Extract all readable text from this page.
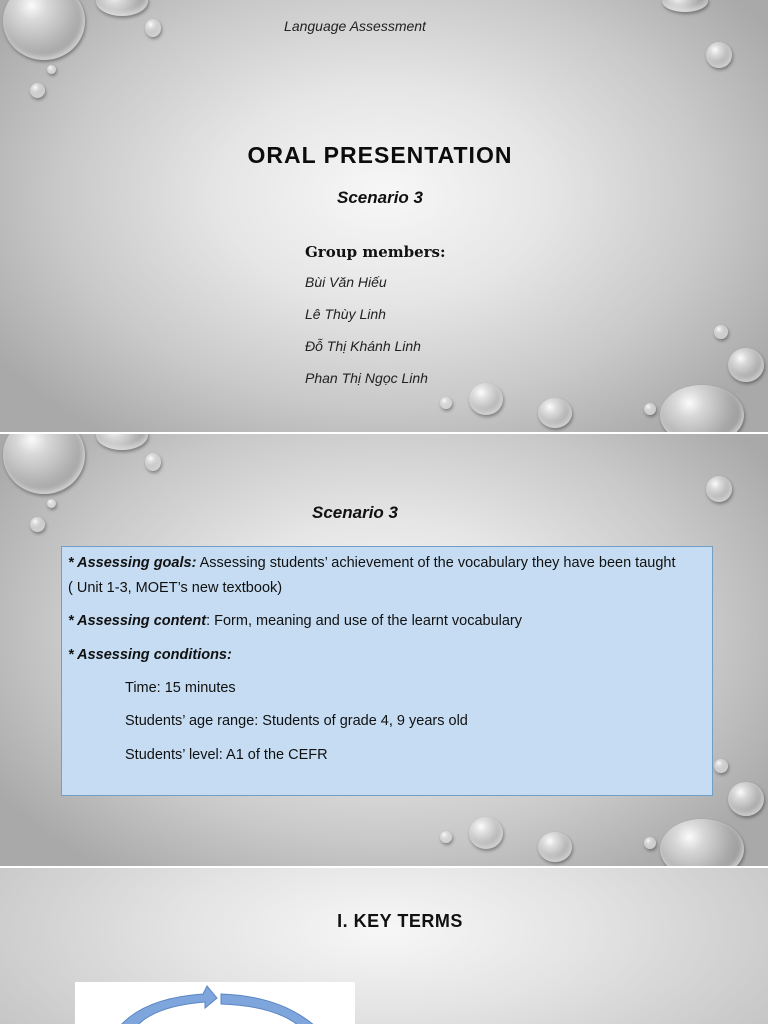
Language Assessment
ORAL PRESENTATION
Scenario 3
Group members:
Bùi Văn Hiếu
Lê Thùy Linh
Đỗ Thị Khánh Linh
Phan Thị Ngọc Linh
Scenario 3
* Assessing goals: Assessing students’ achievement of the vocabulary they have been taught
( Unit 1-3, MOET’s new textbook)
* Assessing content: Form, meaning and use of the learnt vocabulary
* Assessing conditions:
Time: 15 minutes
Students’ age range: Students of grade 4, 9 years old
Students’ level: A1 of the CEFR
I. KEY TERMS
